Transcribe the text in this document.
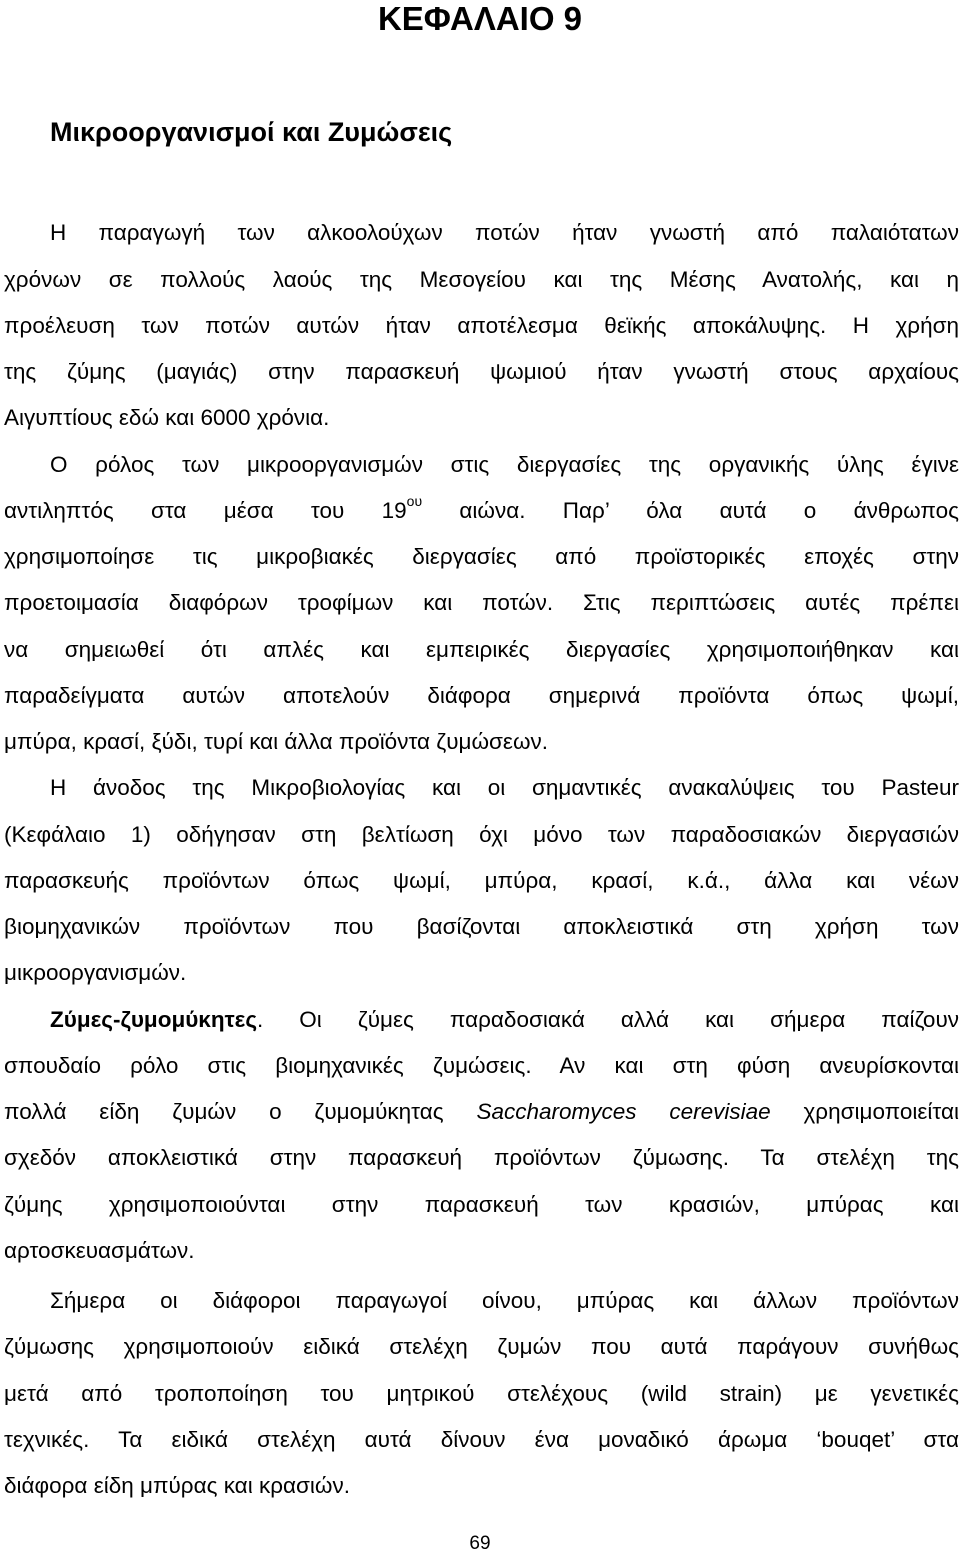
ΚΕΦΑΛΑΙΟ 9
Μικροοργανισμοί και Ζυμώσεις
Η παραγωγή των αλκοολούχων ποτών ήταν γνωστή από παλαιότατων
χρόνων σε πολλούς λαούς της Μεσογείου και της Μέσης Ανατολής, και η
προέλευση των ποτών αυτών ήταν αποτέλεσμα θεϊκής αποκάλυψης. Η χρήση
της ζύμης (μαγιάς) στην παρασκευή ψωμιού ήταν γνωστή στους αρχαίους
Αιγυπτίους εδώ και 6000 χρόνια.
Ο ρόλος των μικροοργανισμών στις διεργασίες της οργανικής ύλης έγινε
αντιληπτός στα μέσα του $19^{o\upsilon}$ αιώνα. Παρ’ όλα αυτά ο άνθρωπος
χρησιμοποίησε τις μικροβιακές διεργασίες από προϊστορικές εποχές στην
προετοιμασία διαφόρων τροφίμων και ποτών. Στις περιπτώσεις αυτές πρέπει
να σημειωθεί ότι απλές και εμπειρικές διεργασίες χρησιμοποιήθηκαν και
παραδείγματα αυτών αποτελούν διάφορα σημερινά προϊόντα όπως ψωμί,
μπύρα, κρασί, ξύδι, τυρί και άλλα προϊόντα ζυμώσεων.
Η άνοδος της Μικροβιολογίας και οι σημαντικές ανακαλύψεις του Pasteur
(Κεφάλαιο 1) οδήγησαν στη βελτίωση όχι μόνο των παραδοσιακών διεργασιών
παρασκευής προϊόντων όπως ψωμί, μπύρα, κρασί, κ.ά., άλλα και νέων
βιομηχανικών προϊόντων που βασίζονται αποκλειστικά στη χρήση των
μικροοργανισμών.
Ζύμες-ζυμομύκητες. Οι ζύμες παραδοσιακά αλλά και σήμερα παίζουν
σπουδαίο ρόλο στις βιομηχανικές ζυμώσεις. Αν και στη φύση ανευρίσκονται
πολλά είδη ζυμών ο ζυμομύκητας Saccharomyces cerevisiae χρησιμοποιείται
σχεδόν αποκλειστικά στην παρασκευή προϊόντων ζύμωσης. Τα στελέχη της
ζύμης χρησιμοποιούνται στην παρασκευή των κρασιών, μπύρας και
αρτοσκευασμάτων.
Σήμερα οι διάφοροι παραγωγοί οίνου, μπύρας και άλλων προϊόντων
ζύμωσης χρησιμοποιούν ειδικά στελέχη ζυμών που αυτά παράγουν συνήθως
μετά από τροποποίηση του μητρικού στελέχους (wild strain) με γενετικές
τεχνικές. Τα ειδικά στελέχη αυτά δίνουν ένα μοναδικό άρωμα ‘bouqet’ στα
διάφορα είδη μπύρας και κρασιών.
69
